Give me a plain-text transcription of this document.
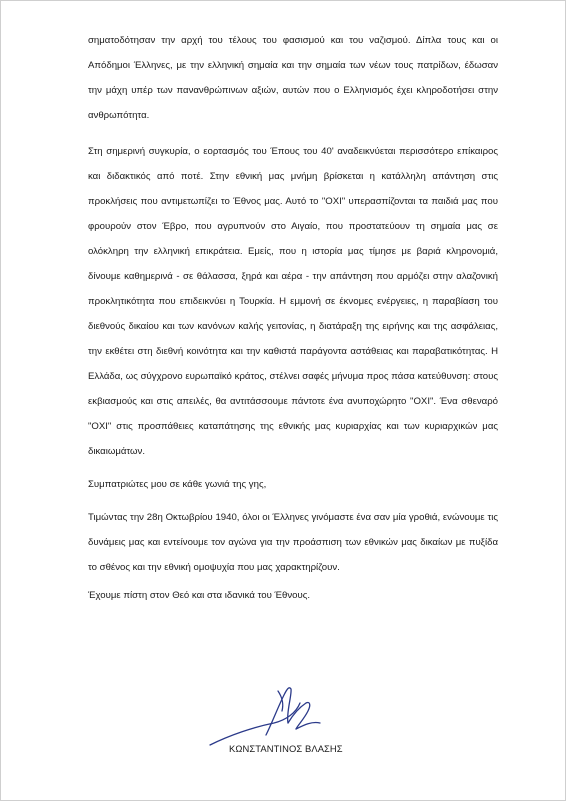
σηματοδότησαν την αρχή του τέλους του φασισμού και του ναζισμού. Δίπλα τους και οι Απόδημοι Έλληνες, με την ελληνική σημαία και την σημαία των νέων τους πατρίδων, έδωσαν την μάχη υπέρ των πανανθρώπινων αξιών, αυτών που ο Ελληνισμός έχει κληροδοτήσει στην ανθρωπότητα.

Στη σημερινή συγκυρία, ο εορτασμός του Έπους του 40' αναδεικνύεται περισσότερο επίκαιρος και διδακτικός από ποτέ. Στην εθνική μας μνήμη βρίσκεται η κατάλληλη απάντηση στις προκλήσεις που αντιμετωπίζει το Έθνος μας. Αυτό το "ΟΧΙ" υπερασπίζονται τα παιδιά μας που φρουρούν στον Έβρο, που αγρυπνούν στο Αιγαίο, που προστατεύουν τη σημαία μας σε ολόκληρη την ελληνική επικράτεια. Εμείς, που η ιστορία μας τίμησε με βαριά κληρονομιά, δίνουμε καθημερινά - σε θάλασσα, ξηρά και αέρα - την απάντηση που αρμόζει στην αλαζονική προκλητικότητα που επιδεικνύει η Τουρκία. Η εμμονή σε έκνομες ενέργειες, η παραβίαση του διεθνούς δικαίου και των κανόνων καλής γειτονίας, η διατάραξη της ειρήνης και της ασφάλειας, την εκθέτει στη διεθνή κοινότητα και την καθιστά παράγοντα αστάθειας και παραβατικότητας. Η Ελλάδα, ως σύγχρονο ευρωπαϊκό κράτος, στέλνει σαφές μήνυμα προς πάσα κατεύθυνση: στους εκβιασμούς και στις απειλές, θα αντιτάσσουμε πάντοτε ένα ανυποχώρητο "ΟΧΙ". Ένα σθεναρό "ΟΧΙ" στις προσπάθειες καταπάτησης της εθνικής μας κυριαρχίας και των κυριαρχικών μας δικαιωμάτων.

Συμπατριώτες μου σε κάθε γωνιά της γης,

Τιμώντας την 28η Οκτωβρίου 1940, όλοι οι Έλληνες γινόμαστε ένα σαν μία γροθιά, ενώνουμε τις δυνάμεις μας και εντείνουμε τον αγώνα για την προάσπιση των εθνικών μας δικαίων με πυξίδα το σθένος και την εθνική ομοψυχία που μας χαρακτηρίζουν.

Έχουμε πίστη στον Θεό και στα ιδανικά του Έθνους.

ΚΩΝΣΤΑΝΤΙΝΟΣ ΒΛΑΣΗΣ
